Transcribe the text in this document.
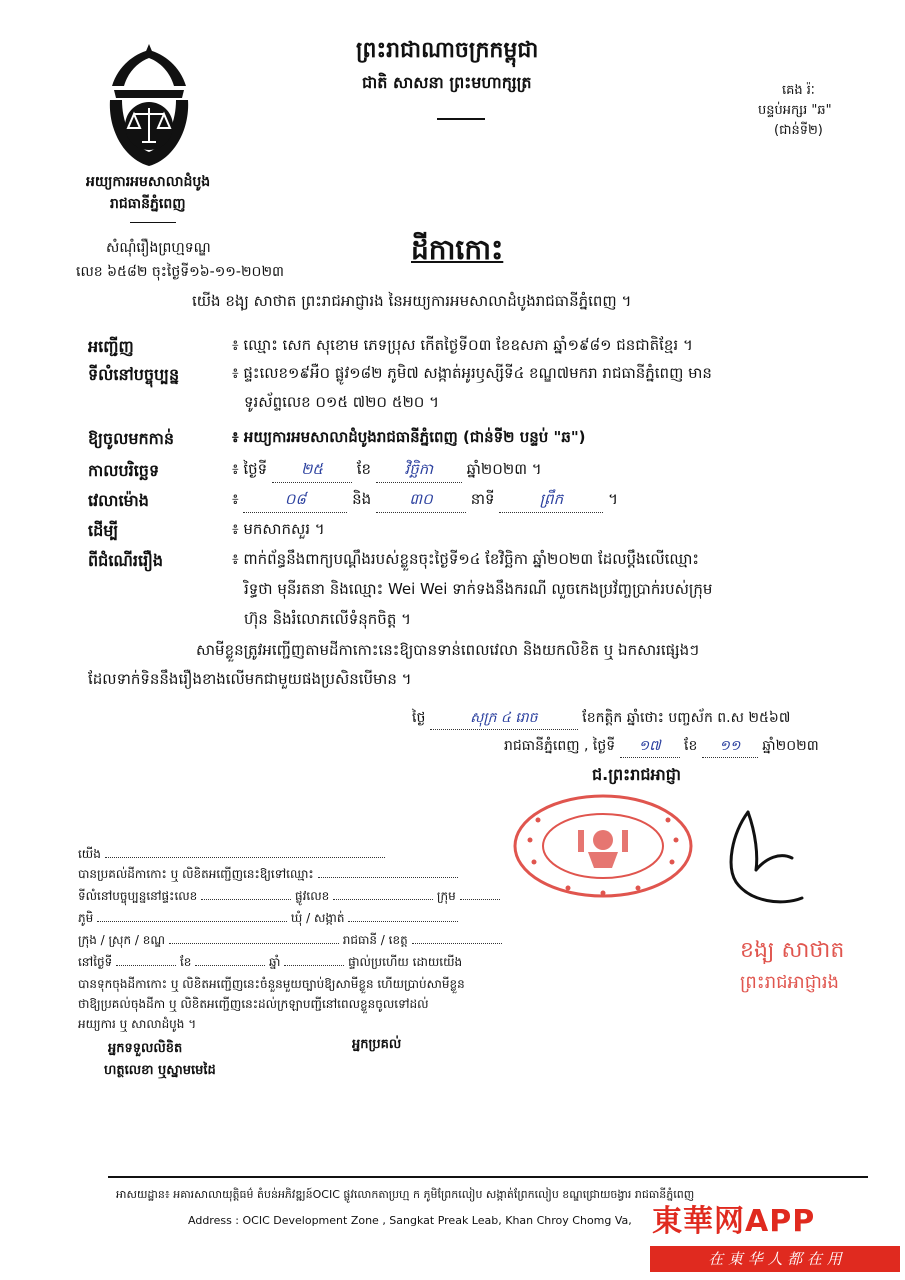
ព្រះរាជាណាចក្រកម្ពុជា
ជាតិ សាសនា ព្រះមហាក្សត្រ
អយ្យការអមសាលាដំបូង
រាជធានីភ្នំពេញ
គេង រ៉ៈ
បន្ទប់អក្សរ "ឆ"
(ជាន់ទី២)
សំណុំរឿងព្រហ្មទណ្ឌ
លេខ ៦៥៨២ ចុះថ្ងៃទី១៦-១១-២០២៣
ដីកាកោះ
យើង ខងុ្យ សាថាត ព្រះរាជអាជ្ញារង នៃអយ្យការអមសាលាដំបូងរាជធានីភ្នំពេញ ។
អញ្ជើញ	៖ ឈ្មោះ សេក សុខោម ភេទប្រុស កើតថ្ងៃទី០៣ ខែឧសភា ឆ្នាំ១៩៨១ ជនជាតិខ្មែរ ។
ទីលំនៅបច្ចុប្បន្ន	៖ ផ្ទះលេខ១៩អឺ០ ផ្លូវ១៨២ ភូមិ៧ សង្កាត់អូរឫស្សីទី៤ ខណ្ឌ៧មករា រាជធានីភ្នំពេញ មាន
ទូរស័ព្ទលេខ ០១៥ ៧២០ ៥២០ ។
ឱ្យចូលមកកាន់	៖ អយ្យការអមសាលាដំបូងរាជធានីភ្នំពេញ (ជាន់ទី២ បន្ទប់ "ឆ")
កាលបរិច្ឆេទ	៖ ថ្ងៃទី ២៥ ខែ វិច្ឆិកា ឆ្នាំ២០២៣ ។
វេលាម៉ោង	៖	០៨	និង	៣០	នាទី	ព្រឹក	។
ដើម្បី	៖ មកសាកសួរ ។
ពីជំណើររឿង	៖ ពាក់ព័ន្ធនឹងពាក្យបណ្តឹងរបស់ខ្លួនចុះថ្ងៃទី១៤ ខែវិច្ឆិកា ឆ្នាំ២០២៣ ដែលប្តឹងលើឈ្មោះ
រិទ្ធថា មុនីរតនា និងឈ្មោះ Wei Wei ទាក់ទងនឹងករណី លួចកេងប្រវ័ញ្ចប្រាក់របស់ក្រុម
ហ៊ុន និងរំលោភលើទំនុកចិត្ត ។
សាមីខ្លួនត្រូវអញ្ជើញតាមដីកាកោះនេះឱ្យបានទាន់ពេលវេលា និងយកលិខិត ឬ ឯកសារផ្សេងៗ
ដែលទាក់ទិននឹងរឿងខាងលើមកជាមួយផងប្រសិនបើមាន ។
ថ្ងៃ	សុក្រ ៤ រោច	ខែកត្តិក ឆ្នាំថោះ បញ្ចស័ក ព.ស ២៥៦៧
រាជធានីភ្នំពេញ , ថ្ងៃទី ១៧ ខែ ១១ ឆ្នាំ២០២៣
ជ.ព្រះរាជអាជ្ញា
ខងុ្យ សាថាត
ព្រះរាជអាជ្ញារង
យើង
បានប្រគល់ដីកាកោះ ឬ លិខិតអញ្ជើញនេះឱ្យទៅឈ្មោះ
ទីលំនៅបច្ចុប្បន្ននៅផ្ទះលេខ	ផ្លូវលេខ	ក្រុម
ភូមិ	ឃុំ / សង្កាត់
ក្រុង / ស្រុក / ខណ្ឌ	រាជធានី / ខេត្ត
នៅថ្ងៃទី	ខែ	ឆ្នាំ	ផ្ទាល់ប្រហើយ ដោយយើង
បានទុកចុងដីកាកោះ ឬ លិខិតអញ្ជើញនេះចំនួនមួយច្បាប់ឱ្យសាមីខ្លួន ហើយប្រាប់សាមីខ្លួន
ថាឱ្យប្រគល់ចុងដីកា ឬ លិខិតអញ្ជើញនេះដល់ក្រឡាបញ្ជីនៅពេលខ្លួនចូលទៅដល់
អយ្យការ ឬ សាលាដំបូង ។
អ្នកទទួលលិខិត	អ្នកប្រគល់
ហត្ថលេខា ឬស្នាមមេដៃ
អាសយដ្ឋាន៖ អគារសាលាយុត្តិធម៌ តំបន់អភិវឌ្ឍន៍OCIC ផ្លូវលោកតាប្រហ្ម ក ភូមិព្រែកលៀប សង្កាត់ព្រែកលៀប ខណ្ឌជ្រោយចង្វារ រាជធានីភ្នំពេញ
Address : OCIC Development Zone , Sangkat Preak Leab, Khan Chroy Chomg Va, 東華网APP
在 東 华 人 都 在 用
